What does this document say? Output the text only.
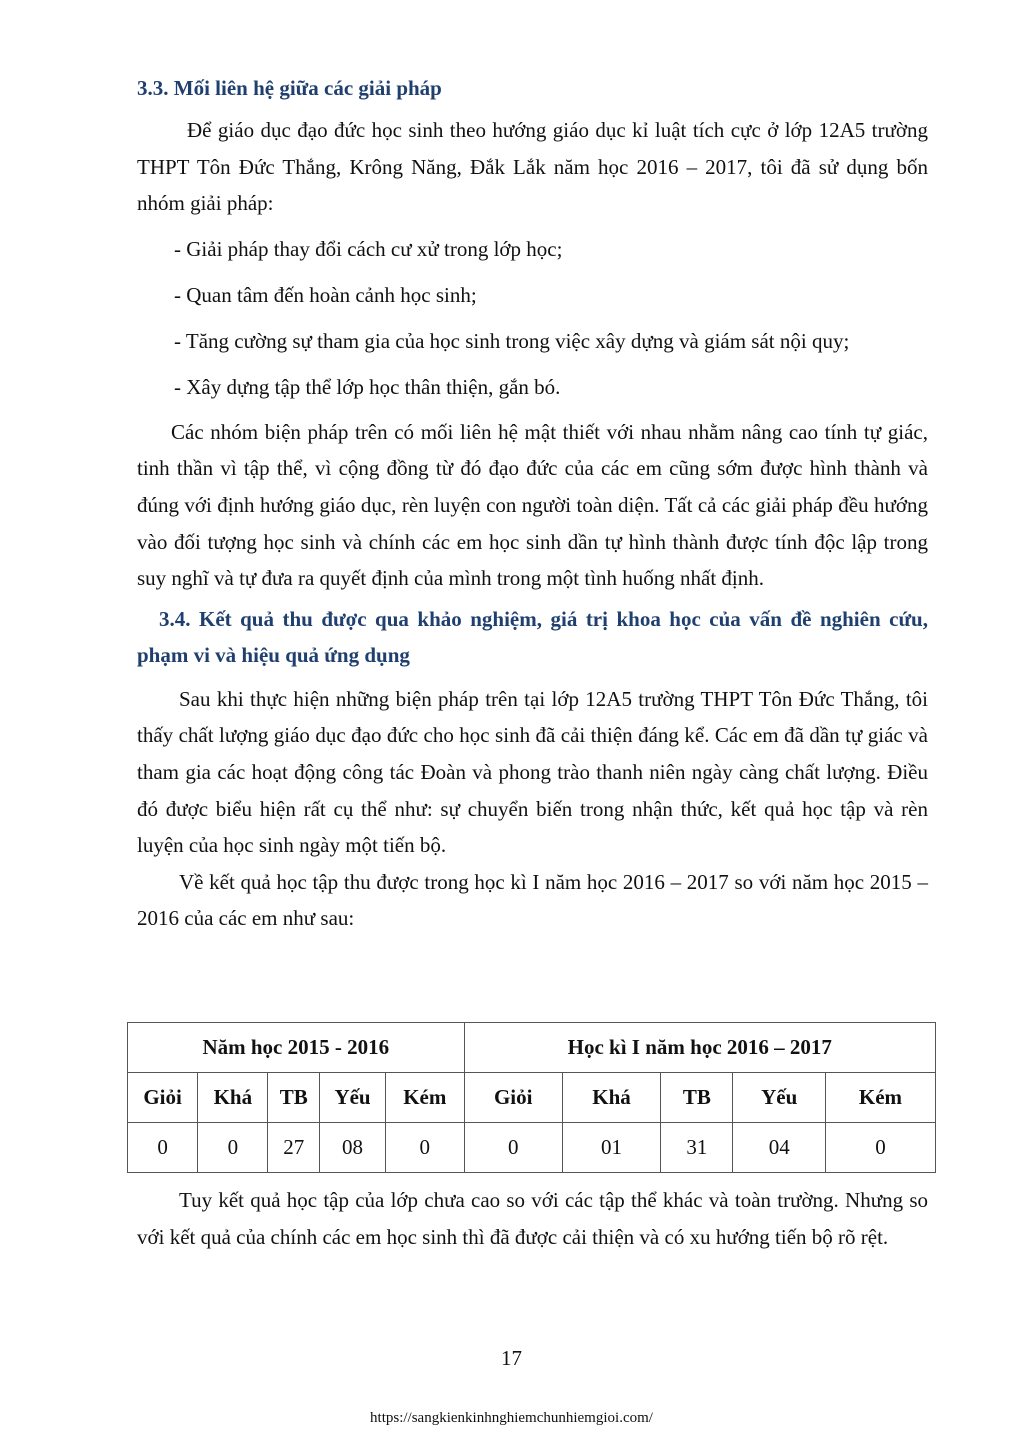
3.3. Mối liên hệ giữa các giải pháp

Để giáo dục đạo đức học sinh theo hướng giáo dục kỉ luật tích cực ở lớp 12A5 trường THPT Tôn Đức Thắng, Krông Năng, Đắk Lắk năm học 2016 – 2017, tôi đã sử dụng bốn nhóm giải pháp:

- Giải pháp thay đổi cách cư xử trong lớp học;
- Quan tâm đến hoàn cảnh học sinh;
- Tăng cường sự tham gia của học sinh trong việc xây dựng và giám sát nội quy;
- Xây dựng tập thể lớp học thân thiện, gắn bó.

Các nhóm biện pháp trên có mối liên hệ mật thiết với nhau nhằm nâng cao tính tự giác, tinh thần vì tập thể, vì cộng đồng từ đó đạo đức của các em cũng sớm được hình thành và đúng với định hướng giáo dục, rèn luyện con người toàn diện. Tất cả các giải pháp đều hướng vào đối tượng học sinh và chính các em học sinh dần tự hình thành được tính độc lập trong suy nghĩ và tự đưa ra quyết định của mình trong một tình huống nhất định.

3.4. Kết quả thu được qua khảo nghiệm, giá trị khoa học của vấn đề nghiên cứu, phạm vi và hiệu quả ứng dụng

Sau khi thực hiện những biện pháp trên tại lớp 12A5 trường THPT Tôn Đức Thắng, tôi thấy chất lượng giáo dục đạo đức cho học sinh đã cải thiện đáng kể. Các em đã dần tự giác và tham gia các hoạt động công tác Đoàn và phong trào thanh niên ngày càng chất lượng. Điều đó được biểu hiện rất cụ thể như: sự chuyển biến trong nhận thức, kết quả học tập và rèn luyện của học sinh ngày một tiến bộ.

Về kết quả học tập thu được trong học kì I năm học 2016 – 2017 so với năm học 2015 – 2016 của các em như sau:

Năm học 2015 - 2016					Học kì I năm học 2016 – 2017				
Giỏi	Khá	TB	Yếu	Kém	Giỏi	Khá	TB	Yếu	Kém
0	0	27	08	0	0	01	31	04	0

Tuy kết quả học tập của lớp chưa cao so với các tập thể khác và toàn trường. Nhưng so với kết quả của chính các em học sinh thì đã được cải thiện và có xu hướng tiến bộ rõ rệt.

17
https://sangkienkinhnghiemchunhiemgioi.com/
